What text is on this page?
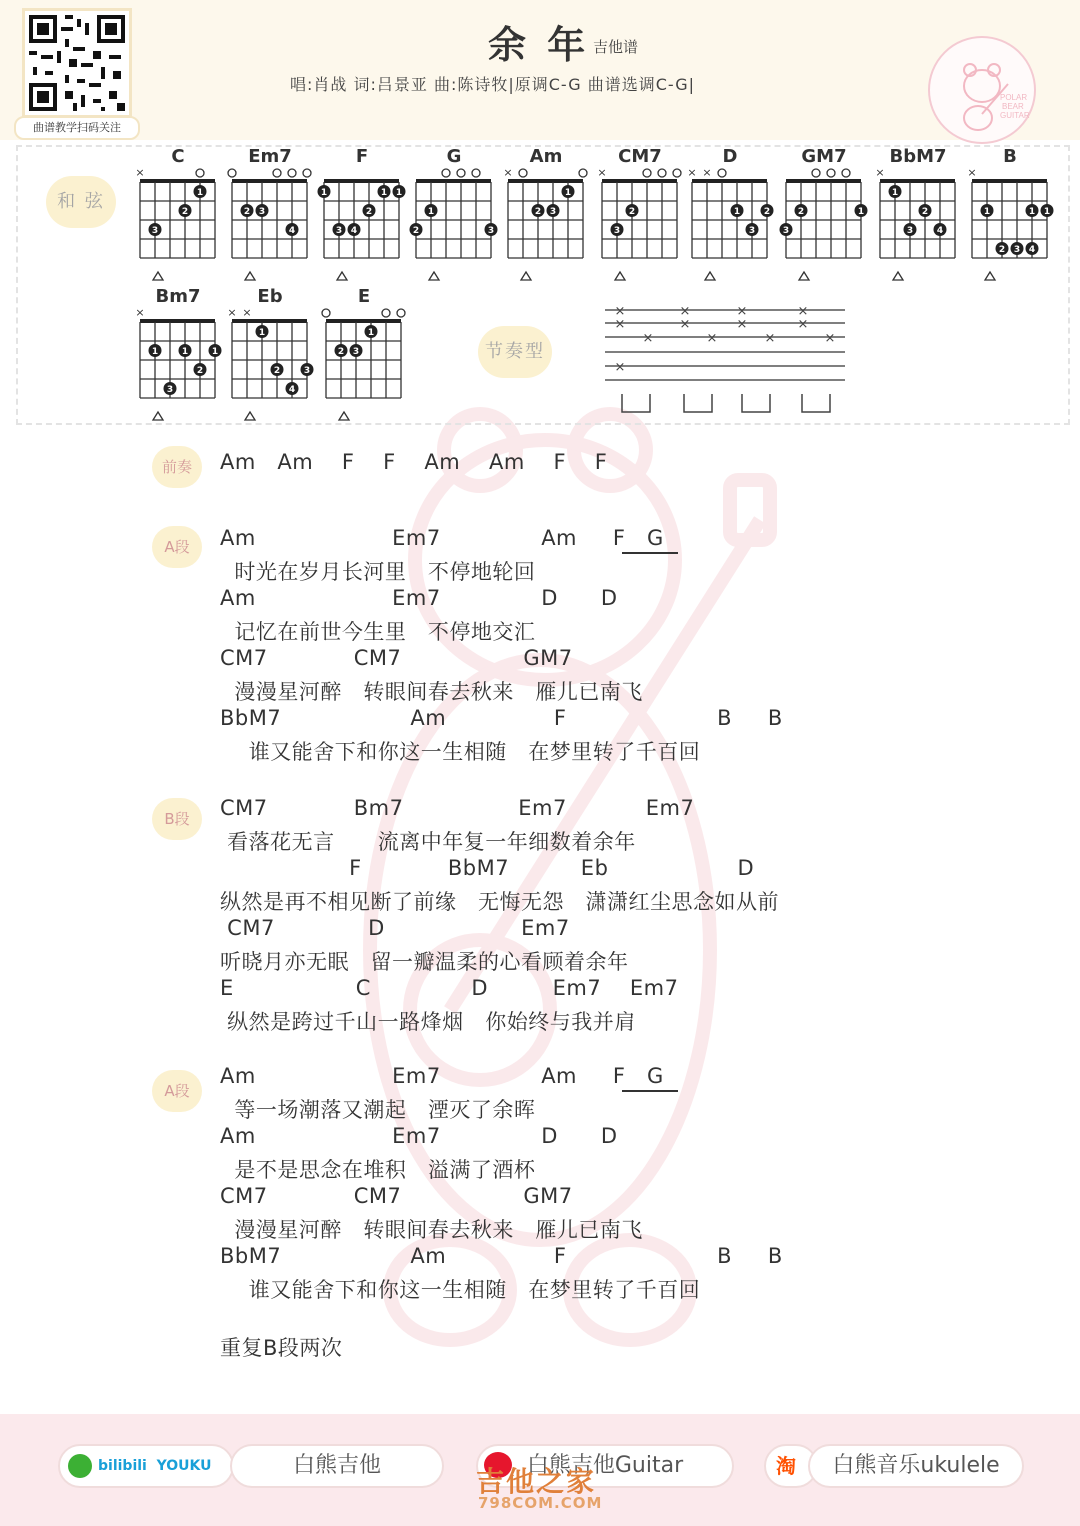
曲谱教学扫码关注
余 年 吉他谱
唱:肖战 词:吕景亚 曲:陈诗牧|原调C-G 曲谱选调C-G|
POLAR
BEAR
GUITAR
和 弦
节奏型
C
×
1
2
3
Em7
2 3
4
F
1	1 1
2
3 4
G
1
2	3
Am
×
1
2 3
CM7
×
2
3
D
× ×
1	2
3
GM7
2
3
1
BbM7
×
1
2
3	4
B
×
1	1
1
2 3 4
Bm7
×
1	1	1
2
3
Eb
× ×
1
2	3
4
E
1
2 3
×
×
×
×
×
×
×
×
×
×
×
×
×
前奏	Am   Am    F    F    Am    Am    F    F
A段	Am                   Em7              Am     F   G
时光在岁月长河里   不停地轮回
Am                   Em7              D      D
记忆在前世今生里   不停地交汇
CM7            CM7                 GM7
漫漫星河醉   转眼间春去秋来   雁儿已南飞
BbM7                  Am               F                     B     B
谁又能舍下和你这一生相随   在梦里转了千百回
B段	CM7            Bm7                Em7           Em7
看落花无言      流离中年复一年细数着余年
F            BbM7          Eb                  D
纵然是再不相见断了前缘   无悔无怨   潇潇红尘思念如从前
CM7             D                   Em7
听晓月亦无眠   留一瓣温柔的心看顾着余年
E                 C              D         Em7    Em7
纵然是跨过千山一路烽烟   你始终与我并肩
A段
Am                   Em7              Am     F   G
等一场潮落又潮起   湮灭了余晖
Am                   Em7              D      D
是不是思念在堆积   溢满了酒杯
CM7            CM7                 GM7
漫漫星河醉   转眼间春去秋来   雁儿已南飞
BbM7                  Am               F                     B     B
谁又能舍下和你这一生相随   在梦里转了千百回
重复B段两次
bilibili  YOUKU	白熊吉他	白熊吉他Guitar	淘	白熊音乐ukulele
吉他之家
798COM.COM
